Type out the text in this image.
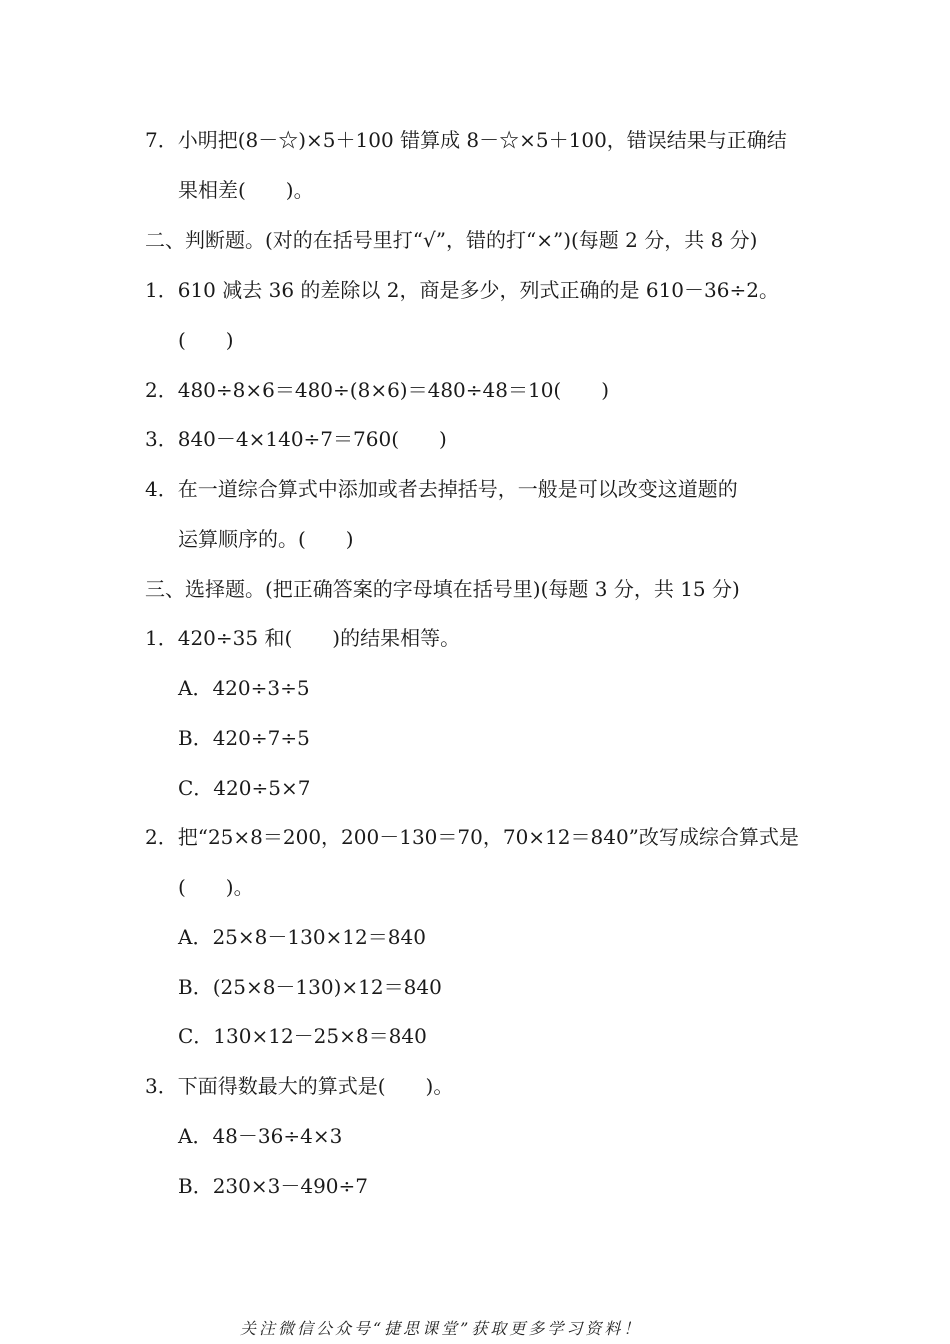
7．小明把(8－☆)×5＋100 错算成 8－☆×5＋100，错误结果与正确结
果相差(　　)。
二、判断题。(对的在括号里打“√”，错的打“×”)(每题 2 分，共 8 分)
1．610 减去 36 的差除以 2，商是多少，列式正确的是 610－36÷2。
(　　)
2．480÷8×6＝480÷(8×6)＝480÷48＝10(　　)
3．840－4×140÷7＝760(　　)
4．在一道综合算式中添加或者去掉括号，一般是可以改变这道题的
运算顺序的。(　　)
三、选择题。(把正确答案的字母填在括号里)(每题 3 分，共 15 分)
1．420÷35 和(　　)的结果相等。
A．420÷3÷5
B．420÷7÷5
C．420÷5×7
2．把“25×8＝200，200－130＝70，70×12＝840”改写成综合算式是
(　　)。
A．25×8－130×12＝840
B．(25×8－130)×12＝840
C．130×12－25×8＝840
3．下面得数最大的算式是(　　)。
A．48－36÷4×3
B．230×3－490÷7
关注微信公众号“捷思课堂”获取更多学习资料！
